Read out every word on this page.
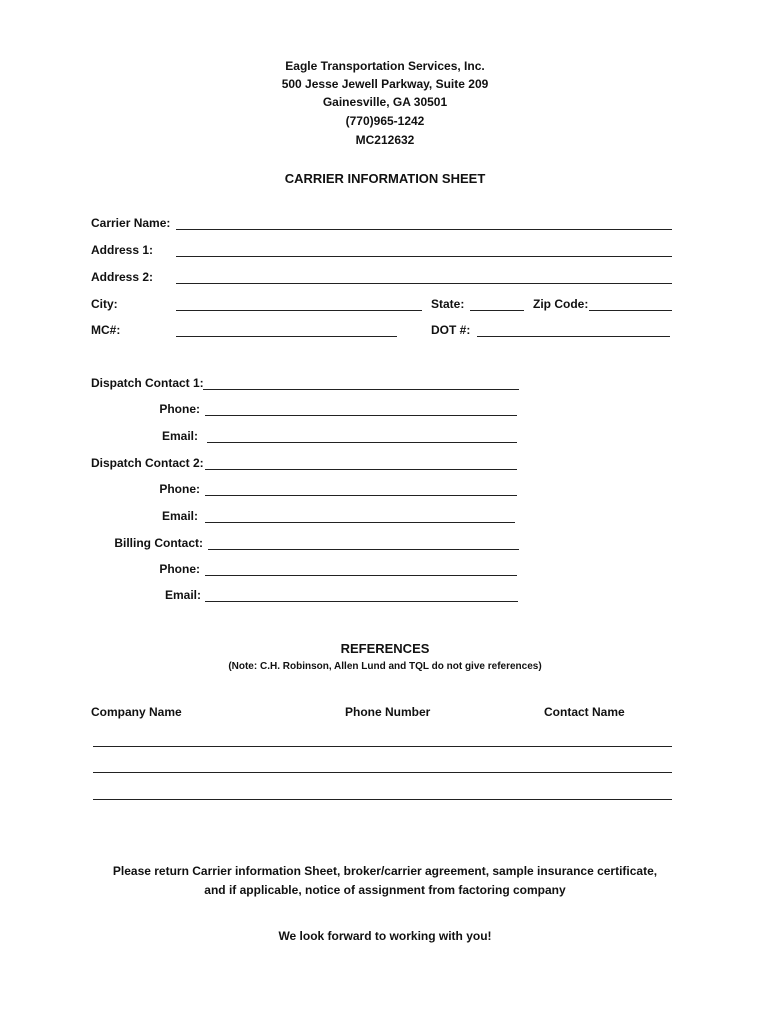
Eagle Transportation Services, Inc.
500 Jesse Jewell Parkway, Suite 209
Gainesville, GA 30501
(770)965-1242
MC212632
CARRIER INFORMATION SHEET
Carrier Name:
Address 1:
Address 2:
City:	State:	Zip Code:
MC#:	DOT #:
Dispatch Contact 1:
Phone:
Email:
Dispatch Contact 2:
Phone:
Email:
Billing Contact:
Phone:
Email:
REFERENCES
(Note: C.H. Robinson, Allen Lund and TQL do not give references)
Company Name	Phone Number	Contact Name
Please return Carrier information Sheet, broker/carrier agreement, sample insurance certificate,
and if applicable, notice of assignment from factoring company
We look forward to working with you!
